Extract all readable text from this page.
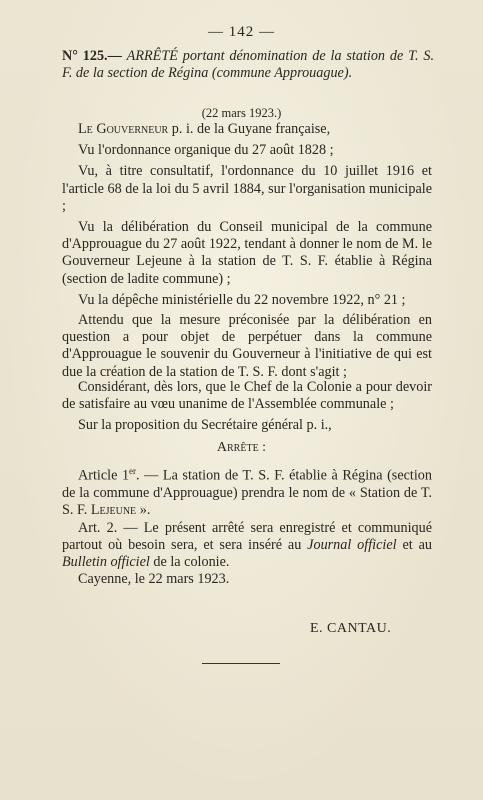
— 142 —

N° 125.— ARRÊTÉ portant dénomination de la station de T. S. F. de la section de Régina (commune Approuague).

(22 mars 1923.)

Le Gouverneur p. i. de la Guyane française,

Vu l'ordonnance organique du 27 août 1828 ;

Vu, à titre consultatif, l'ordonnance du 10 juillet 1916 et l'article 68 de la loi du 5 avril 1884, sur l'organisation municipale ;

Vu la délibération du Conseil municipal de la commune d'Approuague du 27 août 1922, tendant à donner le nom de M. le Gouverneur Lejeune à la station de T. S. F. établie à Régina (section de ladite commune) ;

Vu la dépêche ministérielle du 22 novembre 1922, n° 21 ;

Attendu que la mesure préconisée par la délibération en question a pour objet de perpétuer dans la commune d'Approuague le souvenir du Gouverneur à l'initiative de qui est due la création de la station de T. S. F. dont s'agit ;

Considérant, dès lors, que le Chef de la Colonie a pour devoir de satisfaire au vœu unanime de l'Assemblée communale ;

Sur la proposition du Secrétaire général p. i.,

Arrête :

Article 1er. — La station de T. S. F. établie à Régina (section de la commune d'Approuague) prendra le nom de « Station de T. S. F. Lejeune ».

Art. 2. — Le présent arrêté sera enregistré et communiqué partout où besoin sera, et sera inséré au Journal officiel et au Bulletin officiel de la colonie.

Cayenne, le 22 mars 1923.

E. CANTAU.
